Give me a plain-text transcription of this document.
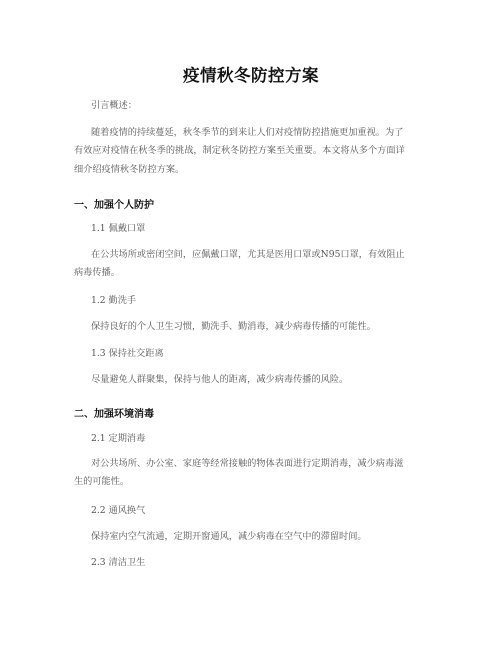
疫情秋冬防控方案
引言概述：
随着疫情的持续蔓延，秋冬季节的到来让人们对疫情防控措施更加重视。为了
有效应对疫情在秋冬季的挑战，制定秋冬防控方案至关重要。本文将从多个方面详
细介绍疫情秋冬防控方案。
一、加强个人防护
1.1 佩戴口罩
在公共场所或密闭空间，应佩戴口罩，尤其是医用口罩或N95口罩，有效阻止
病毒传播。
1.2 勤洗手
保持良好的个人卫生习惯，勤洗手、勤消毒，减少病毒传播的可能性。
1.3 保持社交距离
尽量避免人群聚集，保持与他人的距离，减少病毒传播的风险。
二、加强环境消毒
2.1 定期消毒
对公共场所、办公室、家庭等经常接触的物体表面进行定期消毒，减少病毒滋
生的可能性。
2.2 通风换气
保持室内空气流通，定期开窗通风，减少病毒在空气中的滞留时间。
2.3 清洁卫生
